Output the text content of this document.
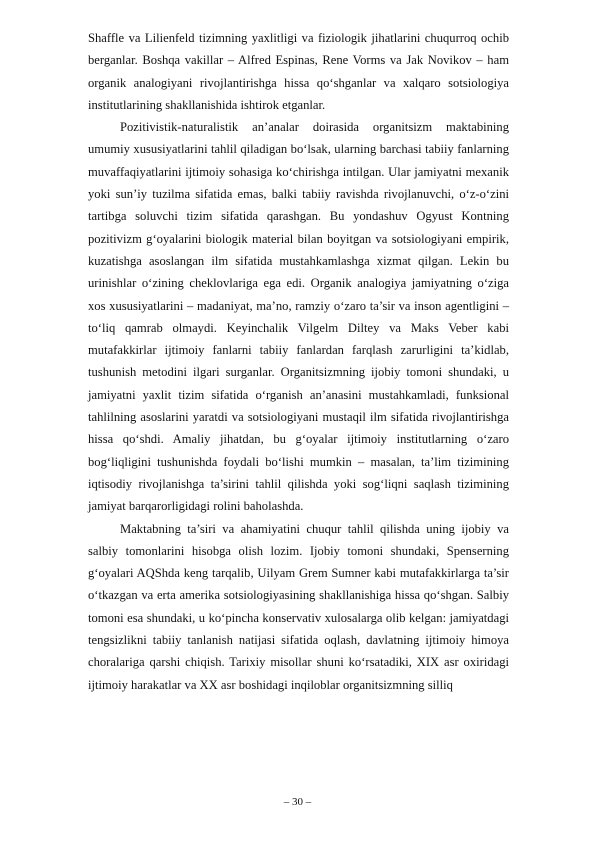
Shaffle va Lilienfeld tizimning yaxlitligi va fiziologik jihatlarini chuqurroq ochib berganlar. Boshqa vakillar – Alfred Espinas, Rene Vorms va Jak Novikov – ham organik analogiyani rivojlantirishga hissa qo‘shganlar va xalqaro sotsiologiya institutlarining shakllanishida ishtirok etganlar.

Pozitivistik-naturalistik an’analar doirasida organitsizm maktabining umumiy xususiyatlarini tahlil qiladigan bo‘lsak, ularning barchasi tabiiy fanlarning muvaffaqiyatlarini ijtimoiy sohasiga ko‘chirishga intilgan. Ular jamiyatni mexanik yoki sun’iy tuzilma sifatida emas, balki tabiiy ravishda rivojlanuvchi, o‘z-o‘zini tartibga soluvchi tizim sifatida qarashgan. Bu yondashuv Ogyust Kontning pozitivizm g‘oyalarini biologik material bilan boyitgan va sotsiologiyani empirik, kuzatishga asoslangan ilm sifatida mustahkamlashga xizmat qilgan. Lekin bu urinishlar o‘zining cheklovlariga ega edi. Organik analogiya jamiyatning o‘ziga xos xususiyatlarini – madaniyat, ma’no, ramziy o‘zaro ta’sir va inson agentligini – to‘liq qamrab olmaydi. Keyinchalik Vilgelm Diltey va Maks Veber kabi mutafakkirlar ijtimoiy fanlarni tabiiy fanlardan farqlash zarurligini ta’kidlab, tushunish metodini ilgari surganlar. Organitsizmning ijobiy tomoni shundaki, u jamiyatni yaxlit tizim sifatida o‘rganish an’anasini mustahkamladi, funksional tahlilning asoslarini yaratdi va sotsiologiyani mustaqil ilm sifatida rivojlantirishga hissa qo‘shdi. Amaliy jihatdan, bu g‘oyalar ijtimoiy institutlarning o‘zaro bog‘liqligini tushunishda foydali bo‘lishi mumkin – masalan, ta’lim tizimining iqtisodiy rivojlanishga ta’sirini tahlil qilishda yoki sog‘liqni saqlash tizimining jamiyat barqarorligidagi rolini baholashda.

Maktabning ta’siri va ahamiyatini chuqur tahlil qilishda uning ijobiy va salbiy tomonlarini hisobga olish lozim. Ijobiy tomoni shundaki, Spenserning g‘oyalari AQShda keng tarqalib, Uilyam Grem Sumner kabi mutafakkirlarga ta’sir o‘tkazgan va erta amerika sotsiologiyasining shakllanishiga hissa qo‘shgan. Salbiy tomoni esa shundaki, u ko‘pincha konservativ xulosalarga olib kelgan: jamiyatdagi tengsizlikni tabiiy tanlanish natijasi sifatida oqlash, davlatning ijtimoiy himoya choralariga qarshi chiqish. Tarixiy misollar shuni ko‘rsatadiki, XIX asr oxiridagi ijtimoiy harakatlar va XX asr boshidagi inqiloblar organitsizmning silliq

– 30 –
